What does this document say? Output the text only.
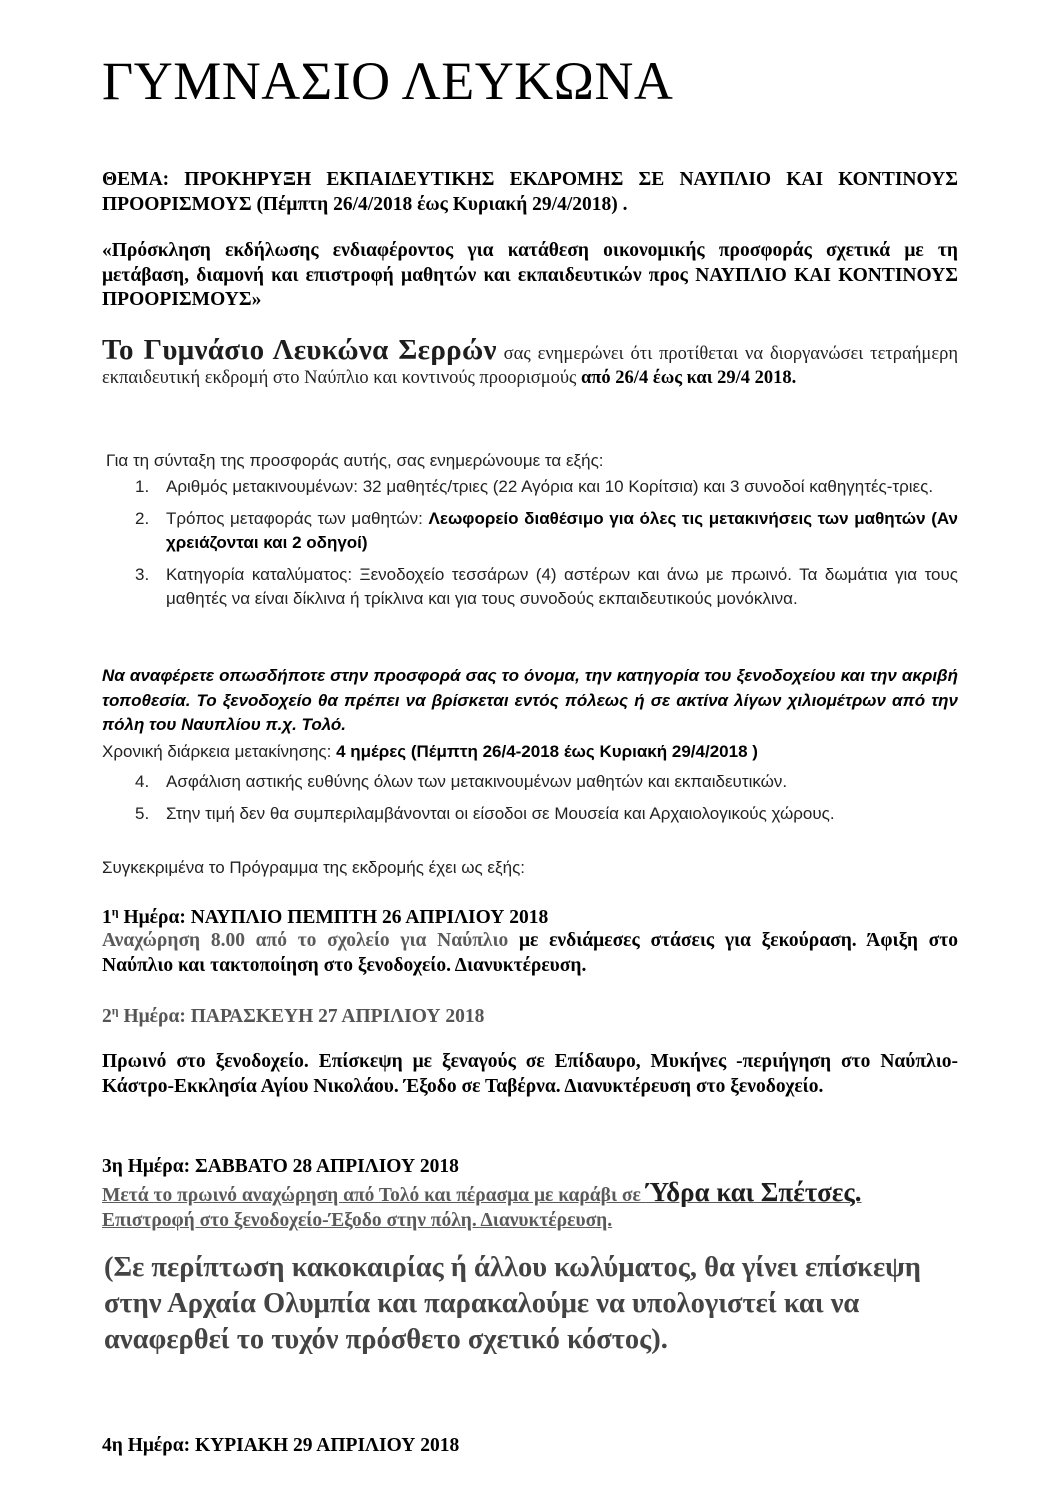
ΓΥΜΝΑΣΙΟ ΛΕΥΚΩΝΑ

ΘΕΜΑ: ΠΡΟΚΗΡΥΞΗ ΕΚΠΑΙΔΕΥΤΙΚΗΣ ΕΚΔΡΟΜΗΣ ΣΕ ΝΑΥΠΛΙΟ ΚΑΙ ΚΟΝΤΙΝΟΥΣ ΠΡΟΟΡΙΣΜΟΥΣ (Πέμπτη 26/4/2018 έως Κυριακή 29/4/2018) .

«Πρόσκληση εκδήλωσης ενδιαφέροντος για κατάθεση οικονομικής προσφοράς σχετικά με τη μετάβαση, διαμονή και επιστροφή μαθητών και εκπαιδευτικών προς ΝΑΥΠΛΙΟ ΚΑΙ ΚΟΝΤΙΝΟΥΣ ΠΡΟΟΡΙΣΜΟΥΣ»

Το Γυμνάσιο Λευκώνα Σερρών σας ενημερώνει ότι προτίθεται να διοργανώσει τετραήμερη εκπαιδευτική εκδρομή στο Ναύπλιο και κοντινούς προορισμούς από 26/4 έως και 29/4 2018.

Για τη σύνταξη της προσφοράς αυτής, σας ενημερώνουμε τα εξής:

1. Αριθμός μετακινουμένων: 32 μαθητές/τριες (22 Αγόρια και 10 Κορίτσια) και 3 συνοδοί καθηγητές-τριες.
2. Τρόπος μεταφοράς των μαθητών: Λεωφορείο διαθέσιμο για όλες τις μετακινήσεις των μαθητών (Αν χρειάζονται και 2 οδηγοί)
3. Κατηγορία καταλύματος: Ξενοδοχείο τεσσάρων (4) αστέρων και άνω με πρωινό. Τα δωμάτια για τους μαθητές να είναι δίκλινα ή τρίκλινα και για τους συνοδούς εκπαιδευτικούς μονόκλινα.

Να αναφέρετε οπωσδήποτε στην προσφορά σας το όνομα, την κατηγορία του ξενοδοχείου και την ακριβή τοποθεσία. Το ξενοδοχείο θα πρέπει να βρίσκεται εντός πόλεως ή σε ακτίνα λίγων χιλιομέτρων από την πόλη του Ναυπλίου π.χ. Τολό.

Χρονική διάρκεια μετακίνησης: 4 ημέρες (Πέμπτη 26/4-2018 έως Κυριακή 29/4/2018 )

4. Ασφάλιση αστικής ευθύνης όλων των μετακινουμένων μαθητών και εκπαιδευτικών.
5. Στην τιμή δεν θα συμπεριλαμβάνονται οι είσοδοι σε Μουσεία και Αρχαιολογικούς χώρους.

Συγκεκριμένα το Πρόγραμμα της εκδρομής έχει ως εξής:

$1^\eta$ Ημέρα: ΝΑΥΠΛΙΟ ΠΕΜΠΤΗ 26 ΑΠΡΙΛΙΟΥ 2018

Αναχώρηση 8.00 από το σχολείο για Ναύπλιο με ενδιάμεσες στάσεις για ξεκούραση. Άφιξη στο Ναύπλιο και τακτοποίηση στο ξενοδοχείο. Διανυκτέρευση.

$2^\eta$ Ημέρα: ΠΑΡΑΣΚΕΥΗ 27 ΑΠΡΙΛΙΟΥ 2018

Πρωινό στο ξενοδοχείο. Επίσκεψη με ξεναγούς σε Επίδαυρο, Μυκήνες -περιήγηση στο Ναύπλιο-Κάστρο-Εκκλησία Αγίου Νικολάου. Έξοδο σε Ταβέρνα. Διανυκτέρευση στο ξενοδοχείο.

3η Ημέρα: ΣΑΒΒΑΤΟ 28 ΑΠΡΙΛΙΟΥ 2018

Μετά το πρωινό αναχώρηση από Τολό και πέρασμα με καράβι σε Ύδρα και Σπέτσες. Επιστροφή στο ξενοδοχείο-Έξοδο στην πόλη. Διανυκτέρευση.

(Σε περίπτωση κακοκαιρίας ή άλλου κωλύματος, θα γίνει επίσκεψη στην Αρχαία Ολυμπία και παρακαλούμε να υπολογιστεί και να αναφερθεί το τυχόν πρόσθετο σχετικό κόστος).

4η Ημέρα: ΚΥΡΙΑΚΗ 29 ΑΠΡΙΛΙΟΥ 2018
